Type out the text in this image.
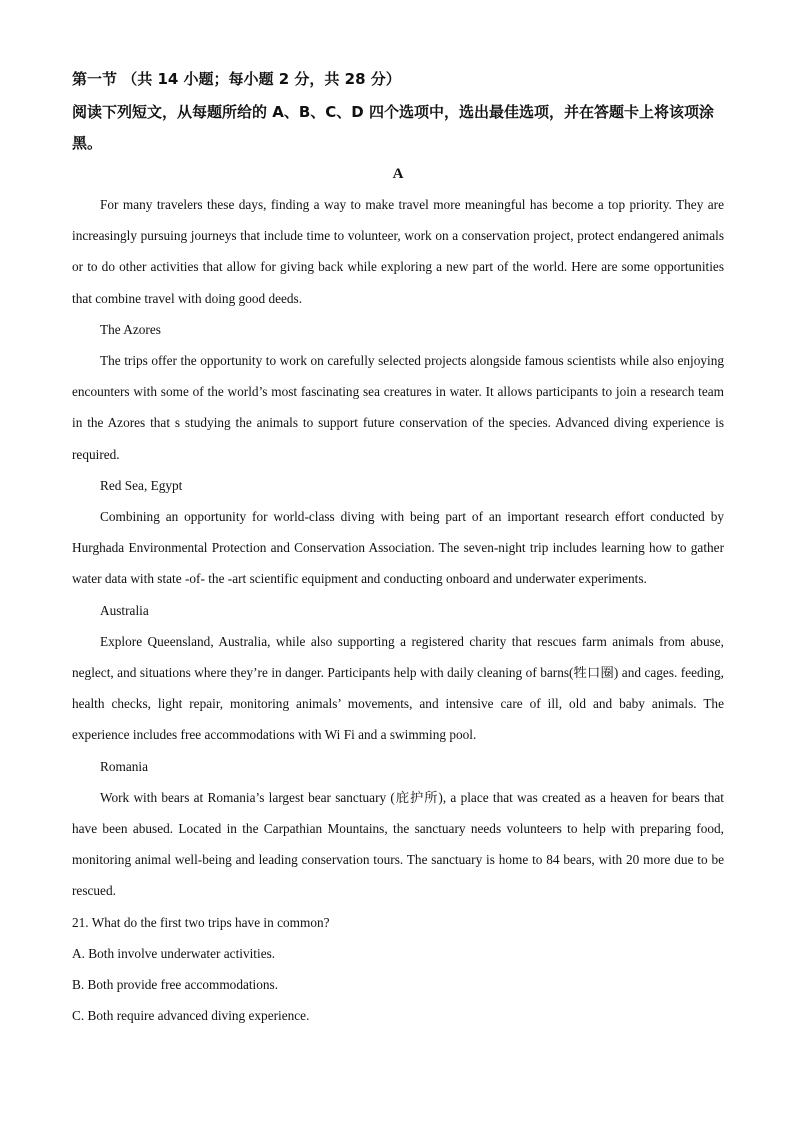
第一节 （共 14 小题；每小题 2 分，共 28 分）
阅读下列短文，从每题所给的 A、B、C、D 四个选项中，选出最佳选项，并在答题卡上将该项涂黑。
A

For many travelers these days, finding a way to make travel more meaningful has become a top priority. They are increasingly pursuing journeys that include time to volunteer, work on a conservation project, protect endangered animals or to do other activities that allow for giving back while exploring a new part of the world. Here are some opportunities that combine travel with doing good deeds.

The Azores

The trips offer the opportunity to work on carefully selected projects alongside famous scientists while also enjoying encounters with some of the world’s most fascinating sea creatures in water. It allows participants to join a research team in the Azores that s studying the animals to support future conservation of the species. Advanced diving experience is required.

Red Sea, Egypt

Combining an opportunity for world-class diving with being part of an important research effort conducted by Hurghada Environmental Protection and Conservation Association. The seven-night trip includes learning how to gather water data with state -of- the -art scientific equipment and conducting onboard and underwater experiments.

Australia

Explore Queensland, Australia, while also supporting a registered charity that rescues farm animals from abuse, neglect, and situations where they’re in danger. Participants help with daily cleaning of barns(牲口圈) and cages. feeding, health checks, light repair, monitoring animals’ movements, and intensive care of ill, old and baby animals. The experience includes free accommodations with Wi Fi and a swimming pool.

Romania

Work with bears at Romania’s largest bear sanctuary (庇护所), a place that was created as a heaven for bears that have been abused. Located in the Carpathian Mountains, the sanctuary needs volunteers to help with preparing food, monitoring animal well-being and leading conservation tours. The sanctuary is home to 84 bears, with 20 more due to be rescued.

21. What do the first two trips have in common?

A. Both involve underwater activities.

B. Both provide free accommodations.

C. Both require advanced diving experience.
